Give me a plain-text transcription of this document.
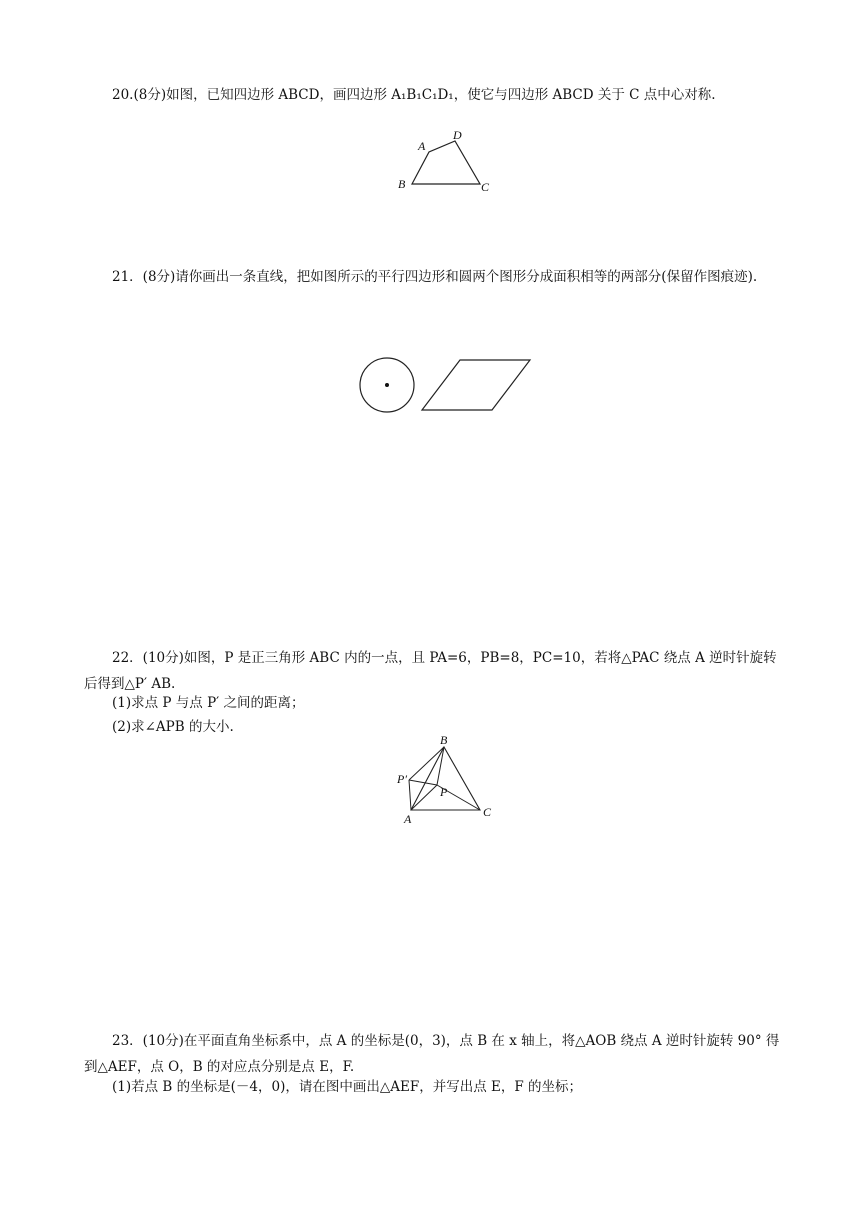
20.(8分)如图，已知四边形 ABCD，画四边形 A₁B₁C₁D₁，使它与四边形 ABCD 关于 C 点中心对称.
A
B	C
D
21．(8分)请你画出一条直线，把如图所示的平行四边形和圆两个图形分成面积相等的两部分(保留作图痕迹).
22．(10分)如图，P 是正三角形 ABC 内的一点，且 PA=6，PB=8，PC=10，若将△PAC 绕点 A 逆时针旋转后得到△P′ AB.
(1)求点 P 与点 P′ 之间的距离；
(2)求∠APB 的大小.
A
B
C
P
P′
23．(10分)在平面直角坐标系中，点 A 的坐标是(0，3)，点 B 在 x 轴上，将△AOB 绕点 A 逆时针旋转 90° 得到△AEF，点 O，B 的对应点分别是点 E，F.
(1)若点 B 的坐标是(－4，0)，请在图中画出△AEF，并写出点 E，F 的坐标；
